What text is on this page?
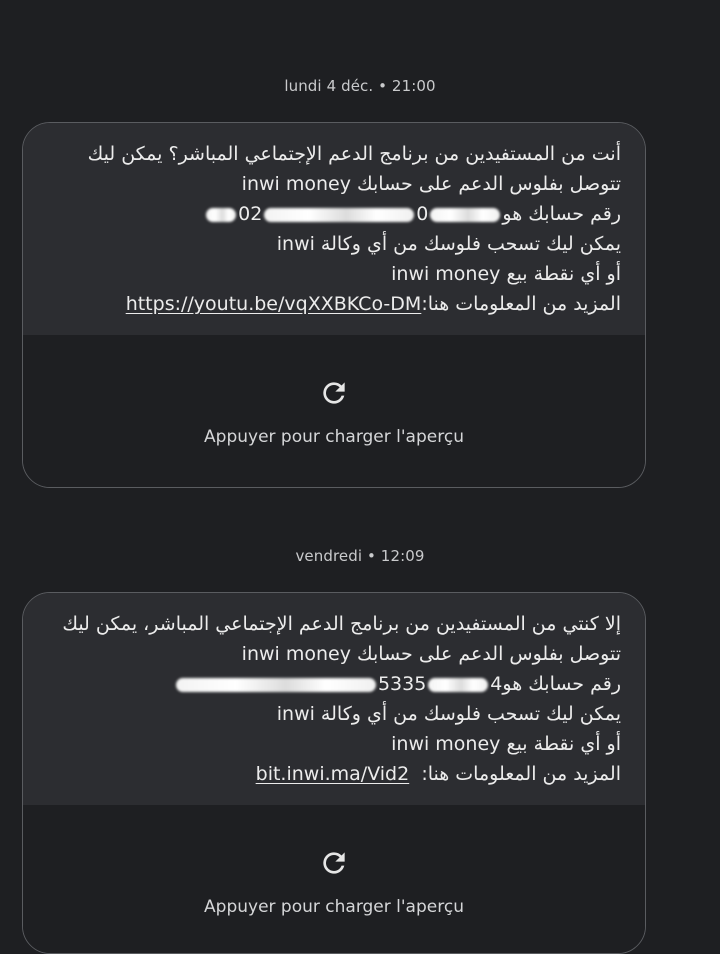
lundi 4 déc. • 21:00
أنت من المستفيدين من برنامج الدعم الإجتماعي المباشر؟ يمكن ليك
تتوصل بفلوس الدعم على حسابك inwi money
رقم حسابك هو002
يمكن ليك تسحب فلوسك من أي وكالة inwi
أو أي نقطة بيع inwi money
المزيد من المعلومات هنا:https://youtu.be/vqXXBKCo-DM
Appuyer pour charger l'aperçu
vendredi • 12:09
إلا كنتي من المستفيدين من برنامج الدعم الإجتماعي المباشر، يمكن ليك
تتوصل بفلوس الدعم على حسابك inwi money
رقم حسابك هو45335
يمكن ليك تسحب فلوسك من أي وكالة inwi
أو أي نقطة بيع inwi money
المزيد من المعلومات هنا:  bit.inwi.ma/Vid2
Appuyer pour charger l'aperçu
